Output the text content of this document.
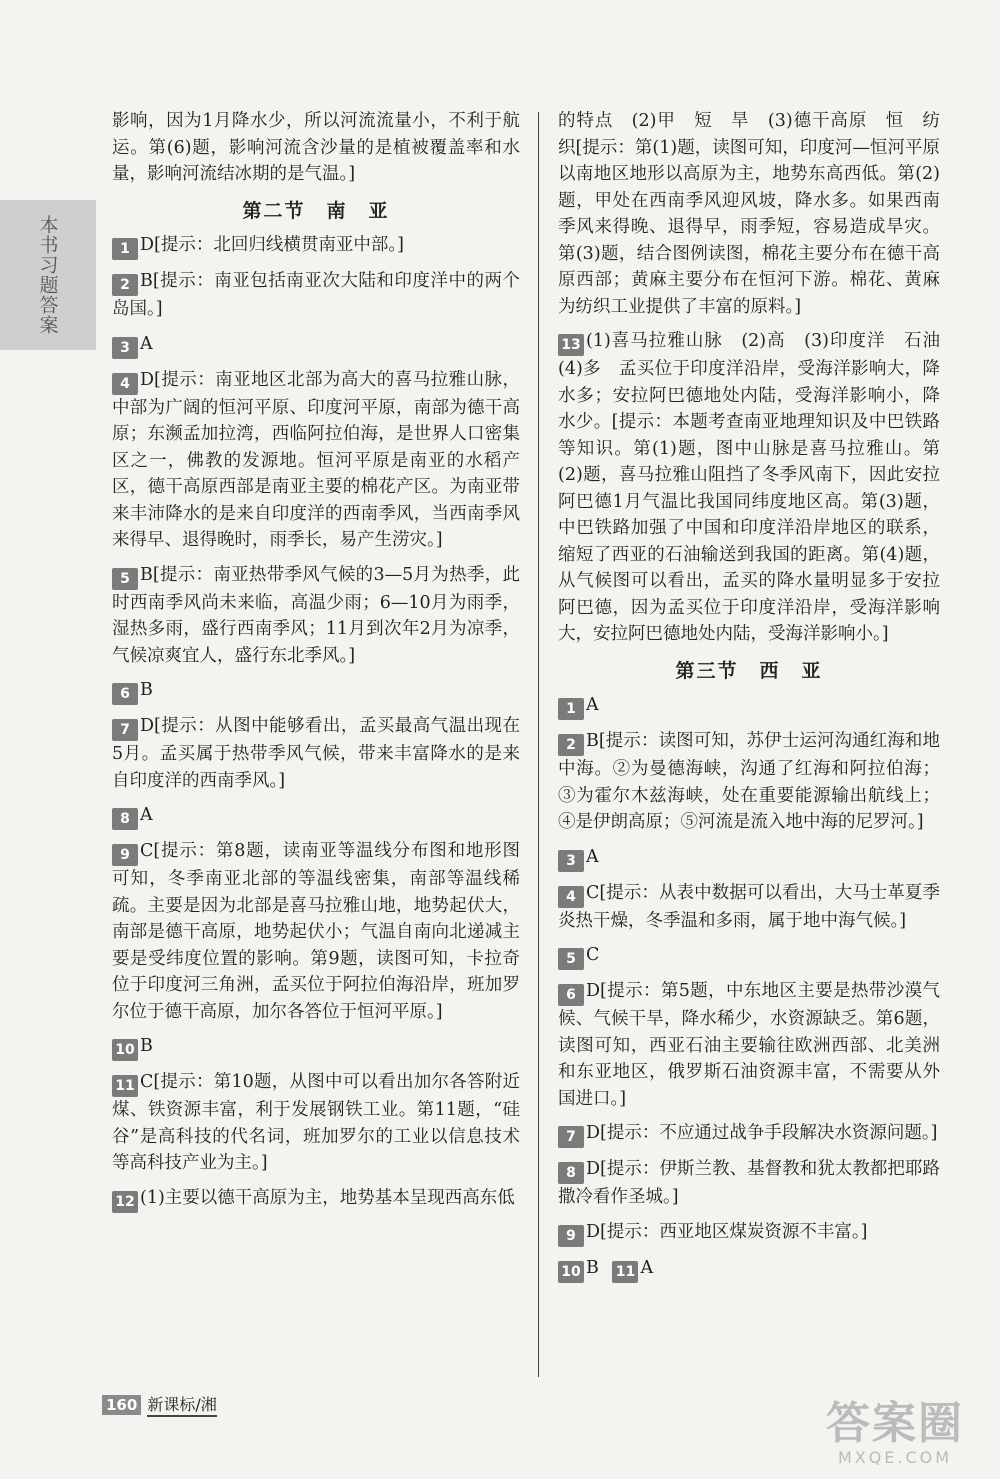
本书习题答案

影响，因为1月降水少，所以河流流量小，不利于航运。第(6)题，影响河流含沙量的是植被覆盖率和水量，影响河流结冰期的是气温。]

第二节　南　亚
1 D[提示：北回归线横贯南亚中部。]
2 B[提示：南亚包括南亚次大陆和印度洋中的两个岛国。]
3 A
4 D[提示：南亚地区北部为高大的喜马拉雅山脉，中部为广阔的恒河平原、印度河平原，南部为德干高原；东濒孟加拉湾，西临阿拉伯海，是世界人口密集区之一，佛教的发源地。恒河平原是南亚的水稻产区，德干高原西部是南亚主要的棉花产区。为南亚带来丰沛降水的是来自印度洋的西南季风，当西南季风来得早、退得晚时，雨季长，易产生涝灾。]
5 B[提示：南亚热带季风气候的3—5月为热季，此时西南季风尚未来临，高温少雨；6—10月为雨季，湿热多雨，盛行西南季风；11月到次年2月为凉季，气候凉爽宜人，盛行东北季风。]
6 B
7 D[提示：从图中能够看出，孟买最高气温出现在5月。孟买属于热带季风气候，带来丰富降水的是来自印度洋的西南季风。]
8 A
9 C[提示：第8题，读南亚等温线分布图和地形图可知，冬季南亚北部的等温线密集，南部等温线稀疏。主要是因为北部是喜马拉雅山地，地势起伏大，南部是德干高原，地势起伏小；气温自南向北递减主要是受纬度位置的影响。第9题，读图可知，卡拉奇位于印度河三角洲，孟买位于阿拉伯海沿岸，班加罗尔位于德干高原，加尔各答位于恒河平原。]
10 B
11 C[提示：第10题，从图中可以看出加尔各答附近煤、铁资源丰富，利于发展钢铁工业。第11题，“硅谷”是高科技的代名词，班加罗尔的工业以信息技术等高科技产业为主。]
12 (1)主要以德干高原为主，地势基本呈现西高东低

的特点　(2)甲　短　旱　(3)德干高原　恒　纺织[提示：第(1)题，读图可知，印度河—恒河平原以南地区地形以高原为主，地势东高西低。第(2)题，甲处在西南季风迎风坡，降水多。如果西南季风来得晚、退得早，雨季短，容易造成旱灾。第(3)题，结合图例读图，棉花主要分布在德干高原西部；黄麻主要分布在恒河下游。棉花、黄麻为纺织工业提供了丰富的原料。]

13 (1)喜马拉雅山脉　(2)高　(3)印度洋　石油　(4)多　孟买位于印度洋沿岸，受海洋影响大，降水多；安拉阿巴德地处内陆，受海洋影响小，降水少。[提示：本题考查南亚地理知识及中巴铁路等知识。第(1)题，图中山脉是喜马拉雅山。第(2)题，喜马拉雅山阻挡了冬季风南下，因此安拉阿巴德1月气温比我国同纬度地区高。第(3)题，中巴铁路加强了中国和印度洋沿岸地区的联系，缩短了西亚的石油输送到我国的距离。第(4)题，从气候图可以看出，孟买的降水量明显多于安拉阿巴德，因为孟买位于印度洋沿岸，受海洋影响大，安拉阿巴德地处内陆，受海洋影响小。]
第三节　西　亚
1 A
2 B[提示：读图可知，苏伊士运河沟通红海和地中海。②为曼德海峡，沟通了红海和阿拉伯海；③为霍尔木兹海峡，处在重要能源输出航线上；④是伊朗高原；⑤河流是流入地中海的尼罗河。]
3 A
4 C[提示：从表中数据可以看出，大马士革夏季炎热干燥，冬季温和多雨，属于地中海气候。]
5 C
6 D[提示：第5题，中东地区主要是热带沙漠气候、气候干旱，降水稀少，水资源缺乏。第6题，读图可知，西亚石油主要输往欧洲西部、北美洲和东亚地区，俄罗斯石油资源丰富，不需要从外国进口。]
7 D[提示：不应通过战争手段解决水资源问题。]
8 D[提示：伊斯兰教、基督教和犹太教都把耶路撒冷看作圣城。]
9 D[提示：西亚地区煤炭资源不丰富。]
10 B 11 A
160 新课标/湘	答案圈
MXQE.COM
